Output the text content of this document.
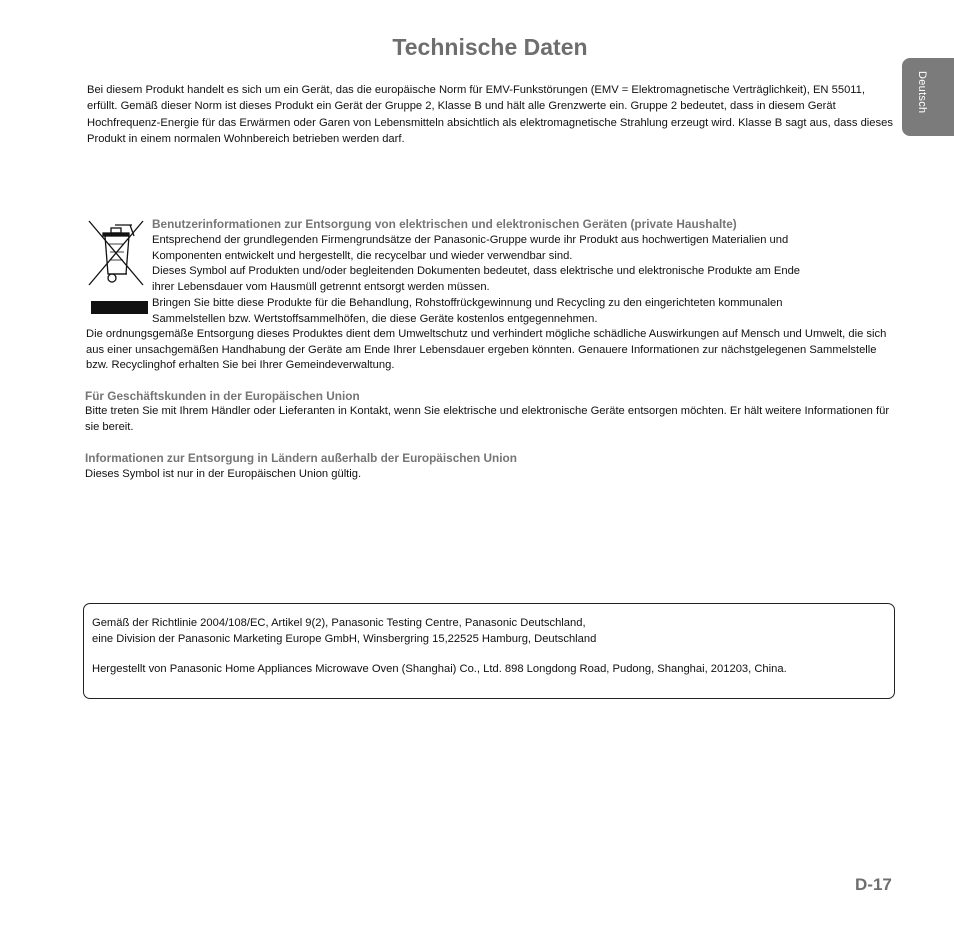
Technische Daten
Deutsch

Bei diesem Produkt handelt es sich um ein Gerät, das die europäische Norm für EMV-Funkstörungen (EMV = Elektromagnetische Verträglichkeit), EN 55011, erfüllt. Gemäß dieser Norm ist dieses Produkt ein Gerät der Gruppe 2, Klasse B und hält alle Grenzwerte ein. Gruppe 2 bedeutet, dass in diesem Gerät Hochfrequenz-Energie für das Erwärmen oder Garen von Lebensmitteln absichtlich als elektromagnetische Strahlung erzeugt wird. Klasse B sagt aus, dass dieses Produkt in einem normalen Wohnbereich betrieben werden darf.

Benutzerinformationen zur Entsorgung von elektrischen und elektronischen Geräten (private Haushalte)
Entsprechend der grundlegenden Firmengrundsätze der Panasonic-Gruppe wurde ihr Produkt aus hochwertigen Materialien und
Komponenten entwickelt und hergestellt, die recycelbar und wieder verwendbar sind.
Dieses Symbol auf Produkten und/oder begleitenden Dokumenten bedeutet, dass elektrische und elektronische Produkte am Ende
ihrer Lebensdauer vom Hausmüll getrennt entsorgt werden müssen.
Bringen Sie bitte diese Produkte für die Behandlung, Rohstoffrückgewinnung und Recycling zu den eingerichteten kommunalen
Sammelstellen bzw. Wertstoffsammelhöfen, die diese Geräte kostenlos entgegennehmen.

Die ordnungsgemäße Entsorgung dieses Produktes dient dem Umweltschutz und verhindert mögliche schädliche Auswirkungen auf Mensch und Umwelt, die sich aus einer unsachgemäßen Handhabung der Geräte am Ende Ihrer Lebensdauer ergeben könnten. Genauere Informationen zur nächstgelegenen Sammelstelle bzw. Recyclinghof erhalten Sie bei Ihrer Gemeindeverwaltung.

Für Geschäftskunden in der Europäischen Union

Bitte treten Sie mit Ihrem Händler oder Lieferanten in Kontakt, wenn Sie elektrische und elektronische Geräte entsorgen möchten. Er hält weitere Informationen für sie bereit.

Informationen zur Entsorgung in Ländern außerhalb der Europäischen Union

Dieses Symbol ist nur in der Europäischen Union gültig.

Gemäß der Richtlinie 2004/108/EC, Artikel 9(2), Panasonic Testing Centre, Panasonic Deutschland,
eine Division der Panasonic Marketing Europe GmbH, Winsbergring 15,22525 Hamburg, Deutschland
Hergestellt von Panasonic Home Appliances Microwave Oven (Shanghai) Co., Ltd. 898 Longdong Road, Pudong, Shanghai, 201203, China.
D-17
